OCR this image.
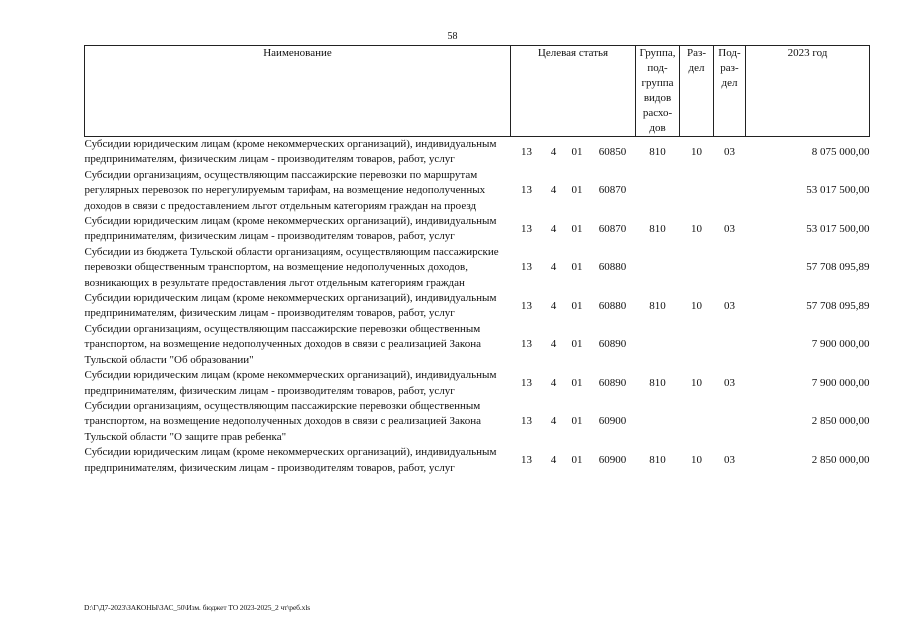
58
Наименование	Целевая статья				Группа, под-группа видов расхо-дов	Раз-дел	Под-раз-дел	2023 год
Субсидии юридическим лицам (кроме некоммерческих организаций), индивидуальным предпринимателям, физическим лицам - производителям товаров, работ, услуг	13	4	01	60850	810	10	03	8 075 000,00
Субсидии организациям, осуществляющим пассажирские перевозки по маршрутам регулярных перевозок по нерегулируемым тарифам, на возмещение недополученных доходов в связи с предоставлением льгот отдельным категориям граждан на проезд	13	4	01	60870				53 017 500,00
Субсидии юридическим лицам (кроме некоммерческих организаций), индивидуальным предпринимателям, физическим лицам - производителям товаров, работ, услуг	13	4	01	60870	810	10	03	53 017 500,00
Субсидии из бюджета Тульской области организациям, осуществляющим пассажирские перевозки общественным транспортом, на возмещение недополученных доходов, возникающих в результате предоставления льгот отдельным категориям граждан	13	4	01	60880				57 708 095,89
Субсидии юридическим лицам (кроме некоммерческих организаций), индивидуальным предпринимателям, физическим лицам - производителям товаров, работ, услуг	13	4	01	60880	810	10	03	57 708 095,89
Субсидии организациям, осуществляющим пассажирские перевозки общественным транспортом, на возмещение недополученных доходов в связи с реализацией Закона Тульской области "Об образовании"	13	4	01	60890				7 900 000,00
Субсидии юридическим лицам (кроме некоммерческих организаций), индивидуальным предпринимателям, физическим лицам - производителям товаров, работ, услуг	13	4	01	60890	810	10	03	7 900 000,00
Субсидии организациям, осуществляющим пассажирские перевозки общественным транспортом, на возмещение недополученных доходов в связи с реализацией Закона Тульской области "О защите прав ребенка"	13	4	01	60900				2 850 000,00
Субсидии юридическим лицам (кроме некоммерческих организаций), индивидуальным предпринимателям, физическим лицам - производителям товаров, работ, услуг	13	4	01	60900	810	10	03	2 850 000,00
D:\Г\Д7-2023\ЗАКОНЫ\ЗАС_50\Изм. бюджет ТО 2023-2025_2 чт\реб.xls
